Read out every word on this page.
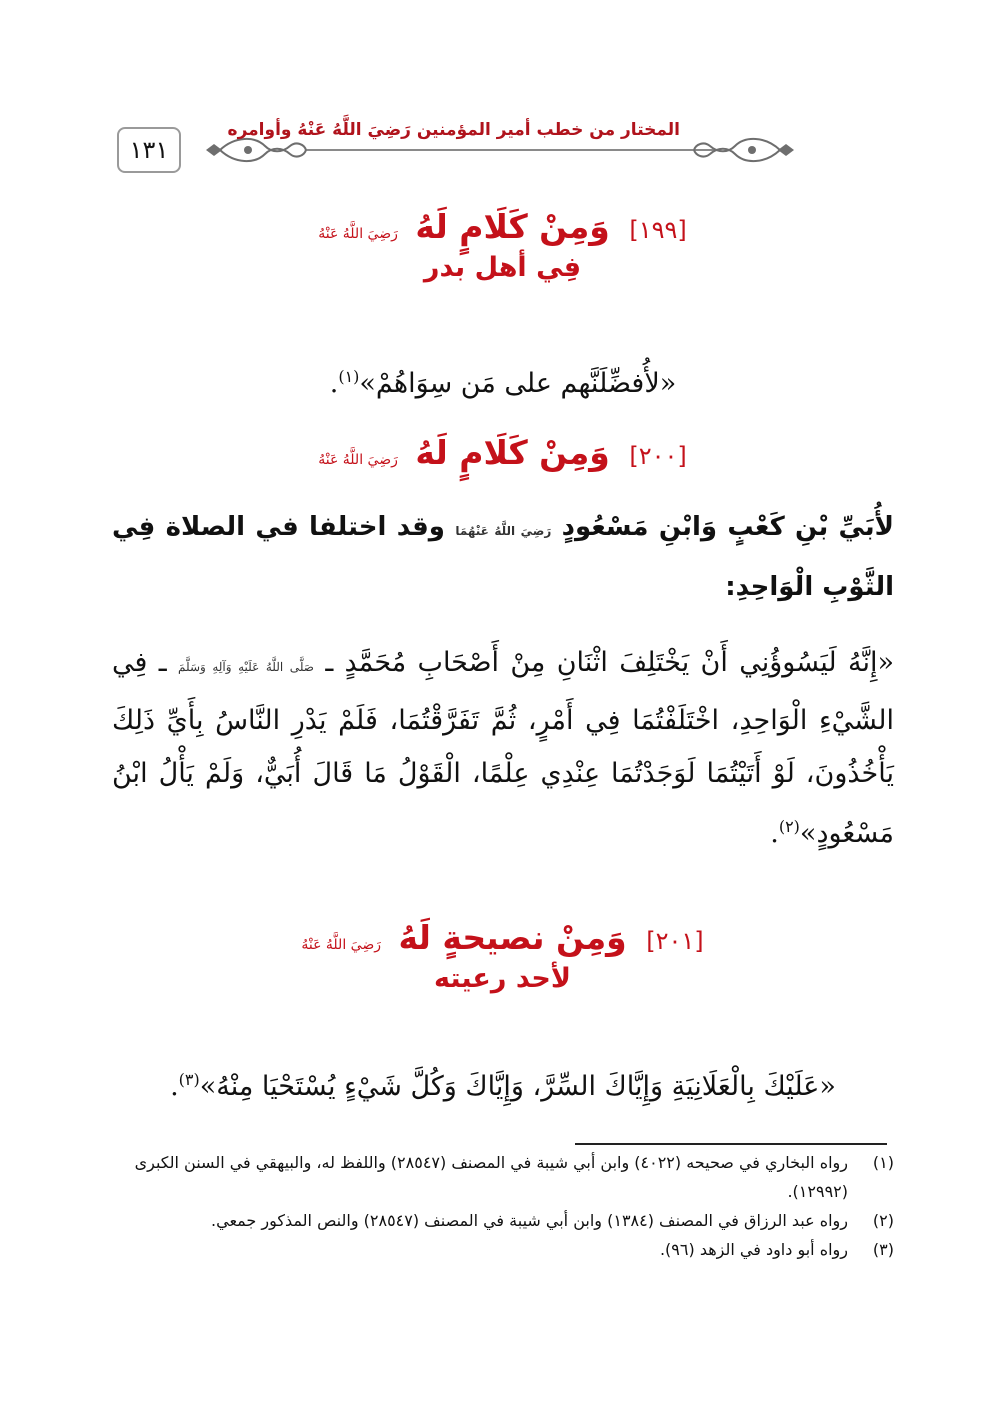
١٣١
المختار من خطب أمير المؤمنين رَضِيَ اللَّهُ عَنْهُ وأوامره
[١٩٩] وَمِنْ كَلَامٍ لَهُ رَضِيَ اللَّهُ عَنْهُ
فِي أهل بدر
«لأُفضِّلَنَّهم على مَن سِوَاهُمْ»$^{(١)}$.
[٢٠٠] وَمِنْ كَلَامٍ لَهُ رَضِيَ اللَّهُ عَنْهُ
لأُبَيِّ بْنِ كَعْبٍ وَابْنِ مَسْعُودٍ رَضِيَ اللَّهُ عَنْهُمَا وقد اختلفا في الصلاة فِي الثَّوْبِ الْوَاحِدِ:
«إِنَّهُ لَيَسُوؤُنِي أَنْ يَخْتَلِفَ اثْنَانِ مِنْ أَصْحَابِ مُحَمَّدٍ ـ صَلَّى اللَّهُ عَلَيْهِ وَآلِهِ وَسَلَّمَ ـ فِي الشَّيْءِ الْوَاحِدِ، اخْتَلَفْتُمَا فِي أَمْرٍ، ثُمَّ تَفَرَّقْتُمَا، فَلَمْ يَدْرِ النَّاسُ بِأَيِّ ذَلِكَ يَأْخُذُونَ، لَوْ أَتَيْتُمَا لَوَجَدْتُمَا عِنْدِي عِلْمًا، الْقَوْلُ مَا قَالَ أُبَيٌّ، وَلَمْ يَأْلُ ابْنُ مَسْعُودٍ»$^{(٢)}$.
[٢٠١] وَمِنْ نصيحةٍ لَهُ رَضِيَ اللَّهُ عَنْهُ
لأحد رعيته
«عَلَيْكَ بِالْعَلَانِيَةِ وَإِيَّاكَ السِّرَّ، وَإِيَّاكَ وَكُلَّ شَيْءٍ يُسْتَحْيَا مِنْهُ»$^{(٣)}$.
(١)
رواه البخاري في صحيحه (٤٠٢٢) وابن أبي شيبة في المصنف (٢٨٥٤٧) واللفظ له، والبيهقي في السنن الكبرى (١٢٩٩٢).
(٢)
رواه عبد الرزاق في المصنف (١٣٨٤) وابن أبي شيبة في المصنف (٢٨٥٤٧) والنص المذكور جمعي.
(٣)
رواه أبو داود في الزهد (٩٦).
